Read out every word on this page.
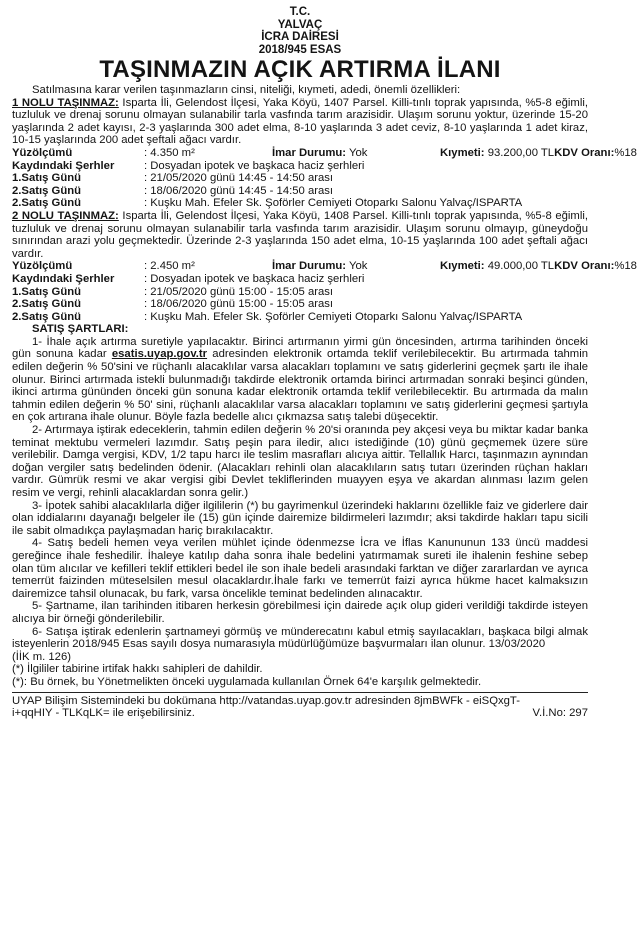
T.C.
YALVAÇ
İCRA DAİRESİ
2018/945 ESAS
TAŞINMAZIN AÇIK ARTIRMA İLANI
Satılmasına karar verilen taşınmazların cinsi, niteliği, kıymeti, adedi, önemli özellikleri:
1 NOLU TAŞINMAZ: Isparta İli, Gelendost İlçesi, Yaka Köyü, 1407 Parsel. Killi-tınlı toprak yapısında, %5-8 eğimli, tuzluluk ve drenaj sorunu olmayan sulanabilir tarla vasfında tarım arazisidir. Ulaşım sorunu yoktur, üzerinde 15-20 yaşlarında 2 adet kayısı, 2-3 yaşlarında 300 adet elma, 8-10 yaşlarında 3 adet ceviz, 8-10 yaşlarında 1 adet kiraz, 10-15 yaşlarında 200 adet şeftali ağacı vardır.
Yüzölçümü	: 4.350 m²	İmar Durumu: Yok	Kıymeti: 93.200,00 TL KDV Oranı:%18
Kaydındaki Şerhler	: Dosyadan ipotek ve başkaca haciz şerhleri
1.Satış Günü	: 21/05/2020 günü 14:45 - 14:50 arası
2.Satış Günü	: 18/06/2020 günü 14:45 - 14:50 arası
2.Satış Günü	: Kuşku Mah. Efeler Sk. Şoförler Cemiyeti Otoparkı Salonu Yalvaç/ISPARTA
2 NOLU TAŞINMAZ: Isparta İli, Gelendost İlçesi, Yaka Köyü, 1408 Parsel. Killi-tınlı toprak yapısında, %5-8 eğimli, tuzluluk ve drenaj sorunu olmayan sulanabilir tarla vasfında tarım arazisidir. Ulaşım sorunu olmayıp, güneydoğu sınırından arazi yolu geçmektedir. Üzerinde 2-3 yaşlarında 150 adet elma, 10-15 yaşlarında 100 adet şeftali ağacı vardır.
Yüzölçümü	: 2.450 m²	İmar Durumu: Yok	Kıymeti: 49.000,00 TL KDV Oranı:%18
Kaydındaki Şerhler	: Dosyadan ipotek ve başkaca haciz şerhleri
1.Satış Günü	: 21/05/2020 günü 15:00 - 15:05 arası
2.Satış Günü	: 18/06/2020 günü 15:00 - 15:05 arası
2.Satış Günü	: Kuşku Mah. Efeler Sk. Şoförler Cemiyeti Otoparkı Salonu Yalvaç/ISPARTA
SATIŞ ŞARTLARI:
1- İhale açık artırma suretiyle yapılacaktır. Birinci artırmanın yirmi gün öncesinden, artırma tarihinden önceki gün sonuna kadar esatis.uyap.gov.tr adresinden elektronik ortamda teklif verilebilecektir. Bu artırmada tahmin edilen değerin % 50'sini ve rüçhanlı alacaklılar varsa alacakları toplamını ve satış giderlerini geçmek şartı ile ihale olunur. Birinci artırmada istekli bulunmadığı takdirde elektronik ortamda birinci artırmadan sonraki beşinci günden, ikinci artırma gününden önceki gün sonuna kadar elektronik ortamda teklif verilebilecektir. Bu artırmada da malın tahmin edilen değerin % 50' sini, rüçhanlı alacaklılar varsa alacakları toplamını ve satış giderlerini geçmesi şartıyla en çok artırana ihale olunur. Böyle fazla bedelle alıcı çıkmazsa satış talebi düşecektir.
2- Artırmaya iştirak edeceklerin, tahmin edilen değerin % 20'si oranında pey akçesi veya bu miktar kadar banka teminat mektubu vermeleri lazımdır. Satış peşin para iledir, alıcı istediğinde (10) günü geçmemek üzere süre verilebilir. Damga vergisi, KDV, 1/2 tapu harcı ile teslim masrafları alıcıya aittir. Tellallık Harcı, taşınmazın aynından doğan vergiler satış bedelinden ödenir. (Alacakları rehinli olan alacaklıların satış tutarı üzerinden rüçhan hakları vardır. Gümrük resmi ve akar vergisi gibi Devlet tekliflerinden muayyen eşya ve akardan alınması lazım gelen resim ve vergi, rehinli alacaklardan sonra gelir.)
3- İpotek sahibi alacaklılarla diğer ilgililerin (*) bu gayrimenkul üzerindeki haklarını özellikle faiz ve giderlere dair olan iddialarını dayanağı belgeler ile (15) gün içinde dairemize bildirmeleri lazımdır; aksi takdirde hakları tapu sicili ile sabit olmadıkça paylaşmadan hariç bırakılacaktır.
4- Satış bedeli hemen veya verilen mühlet içinde ödenmezse İcra ve İflas Kanununun 133 üncü maddesi gereğince ihale feshedilir. İhaleye katılıp daha sonra ihale bedelini yatırmamak sureti ile ihalenin feshine sebep olan tüm alıcılar ve kefilleri teklif ettikleri bedel ile son ihale bedeli arasındaki farktan ve diğer zararlardan ve ayrıca temerrüt faizinden müteselsilen mesul olacaklardır.İhale farkı ve temerrüt faizi ayrıca hükme hacet kalmaksızın dairemizce tahsil olunacak, bu fark, varsa öncelikle teminat bedelinden alınacaktır.
5- Şartname, ilan tarihinden itibaren herkesin görebilmesi için dairede açık olup gideri verildiği takdirde isteyen alıcıya bir örneği gönderilebilir.
6- Satışa iştirak edenlerin şartnameyi görmüş ve münderecatını kabul etmiş sayılacakları, başkaca bilgi almak isteyenlerin 2018/945 Esas sayılı dosya numarasıyla müdürlüğümüze başvurmaları ilan olunur. 13/03/2020
(İİK m. 126)
(*) İlgililer tabirine irtifak hakkı sahipleri de dahildir.
(*): Bu örnek, bu Yönetmelikten önceki uygulamada kullanılan Örnek 64'e karşılık gelmektedir.
UYAP Bilişim Sistemindeki bu dokümana http://vatandas.uyap.gov.tr adresinden 8jmBWFk - eiSQxgT-
i+qqHIY - TLKqLK= ile erişebilirsiniz.	V.İ.No: 297
